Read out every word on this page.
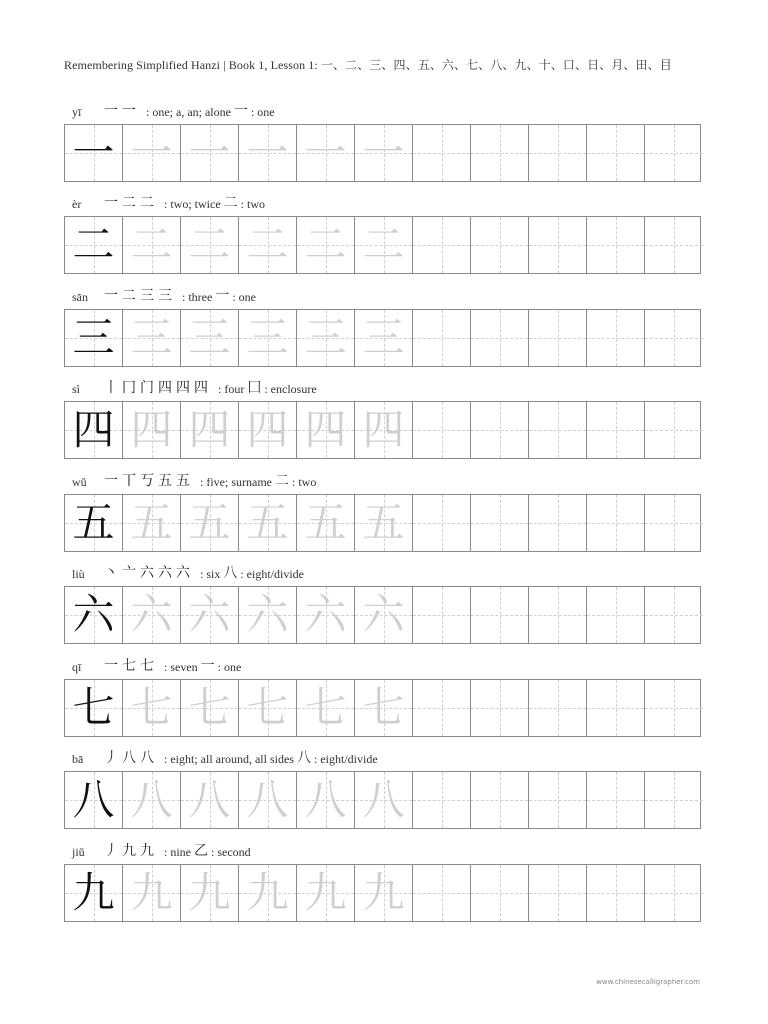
Remembering Simplified Hanzi | Book 1, Lesson 1: 一、二、三、四、五、六、七、八、九、十、口、日、月、田、目
yī	一 一 : one; a, an; alone 一 : one
一 一 一 一 一 一
èr	一 二 二 : two; twice 二 : two
二 二 二 二 二 二
sān	一 二 三 三 : three 一 : one
三 三 三 三 三 三
sì	丨 冂 门 四 四 四 : four 囗 : enclosure
四 四 四 四 四 四
wǔ	一 丅 丂 五 五 : five; surname 二 : two
五 五 五 五 五 五
liù	丶 亠 六 六 六 : six 八 : eight/divide
六 六 六 六 六 六
qī	一 七 七 : seven 一 : one
七 七 七 七 七 七
bā	丿 八 八 : eight; all around, all sides 八 : eight/divide
八 八 八 八 八 八
jiǔ	丿 九 九 : nine 乙 : second
九 九 九 九 九 九
www.chinesecalligrapher.com
